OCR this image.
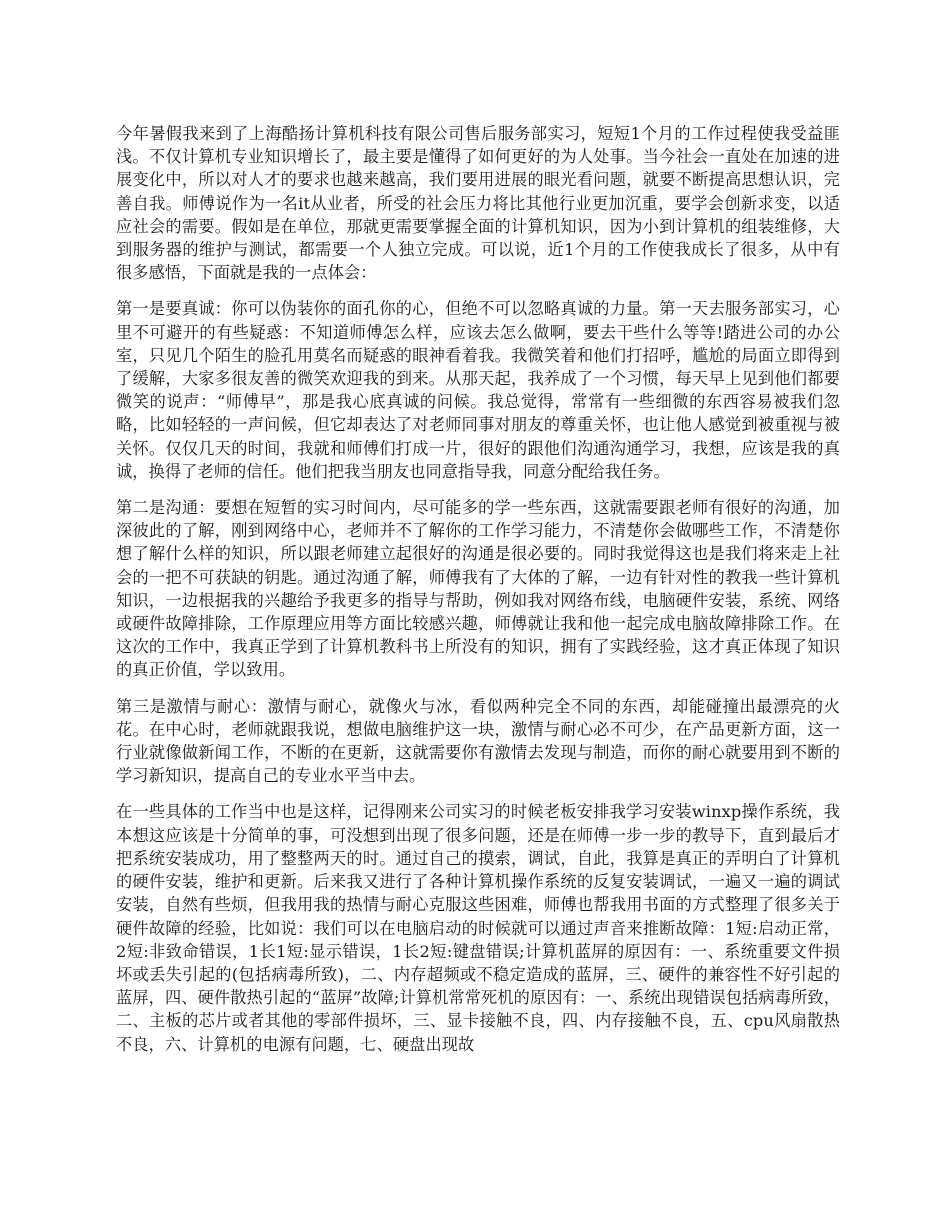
今年暑假我来到了上海酷扬计算机科技有限公司售后服务部实习，短短1个月的工作过程使我受益匪浅。不仅计算机专业知识增长了，最主要是懂得了如何更好的为人处事。当今社会一直处在加速的进展变化中，所以对人才的要求也越来越高，我们要用进展的眼光看问题，就要不断提高思想认识，完善自我。师傅说作为一名it从业者，所受的社会压力将比其他行业更加沉重，要学会创新求变，以适应社会的需要。假如是在单位，那就更需要掌握全面的计算机知识，因为小到计算机的组装维修，大到服务器的维护与测试，都需要一个人独立完成。可以说，近1个月的工作使我成长了很多，从中有很多感悟，下面就是我的一点体会：

第一是要真诚：你可以伪装你的面孔你的心，但绝不可以忽略真诚的力量。第一天去服务部实习，心里不可避开的有些疑惑：不知道师傅怎么样，应该去怎么做啊，要去干些什么等等!踏进公司的办公室，只见几个陌生的脸孔用莫名而疑惑的眼神看着我。我微笑着和他们打招呼，尴尬的局面立即得到了缓解，大家多很友善的微笑欢迎我的到来。从那天起，我养成了一个习惯，每天早上见到他们都要微笑的说声：“师傅早”，那是我心底真诚的问候。我总觉得，常常有一些细微的东西容易被我们忽略，比如轻轻的一声问候，但它却表达了对老师同事对朋友的尊重关怀，也让他人感觉到被重视与被关怀。仅仅几天的时间，我就和师傅们打成一片，很好的跟他们沟通沟通学习，我想，应该是我的真诚，换得了老师的信任。他们把我当朋友也同意指导我，同意分配给我任务。

第二是沟通：要想在短暂的实习时间内，尽可能多的学一些东西，这就需要跟老师有很好的沟通，加深彼此的了解，刚到网络中心，老师并不了解你的工作学习能力，不清楚你会做哪些工作，不清楚你想了解什么样的知识，所以跟老师建立起很好的沟通是很必要的。同时我觉得这也是我们将来走上社会的一把不可获缺的钥匙。通过沟通了解，师傅我有了大体的了解，一边有针对性的教我一些计算机知识，一边根据我的兴趣给予我更多的指导与帮助，例如我对网络布线，电脑硬件安装，系统、网络或硬件故障排除，工作原理应用等方面比较感兴趣，师傅就让我和他一起完成电脑故障排除工作。在这次的工作中，我真正学到了计算机教科书上所没有的知识，拥有了实践经验，这才真正体现了知识的真正价值，学以致用。

第三是激情与耐心：激情与耐心，就像火与冰，看似两种完全不同的东西，却能碰撞出最漂亮的火花。在中心时，老师就跟我说，想做电脑维护这一块，激情与耐心必不可少，在产品更新方面，这一行业就像做新闻工作，不断的在更新，这就需要你有激情去发现与制造，而你的耐心就要用到不断的学习新知识，提高自己的专业水平当中去。

在一些具体的工作当中也是这样，记得刚来公司实习的时候老板安排我学习安装winxp操作系统，我本想这应该是十分简单的事，可没想到出现了很多问题，还是在师傅一步一步的教导下，直到最后才把系统安装成功，用了整整两天的时。通过自己的摸索，调试，自此，我算是真正的弄明白了计算机的硬件安装，维护和更新。后来我又进行了各种计算机操作系统的反复安装调试，一遍又一遍的调试安装，自然有些烦，但我用我的热情与耐心克服这些困难，师傅也帮我用书面的方式整理了很多关于硬件故障的经验，比如说：我们可以在电脑启动的时候就可以通过声音来推断故障：1短:启动正常，2短:非致命错误，1长1短:显示错误，1长2短:键盘错误;计算机蓝屏的原因有：一、系统重要文件损坏或丢失引起的(包括病毒所致)，二、内存超频或不稳定造成的蓝屏，三、硬件的兼容性不好引起的蓝屏，四、硬件散热引起的“蓝屏”故障;计算机常常死机的原因有：一、系统出现错误包括病毒所致，二、主板的芯片或者其他的零部件损坏，三、显卡接触不良，四、内存接触不良，五、cpu风扇散热不良，六、计算机的电源有问题，七、硬盘出现故
